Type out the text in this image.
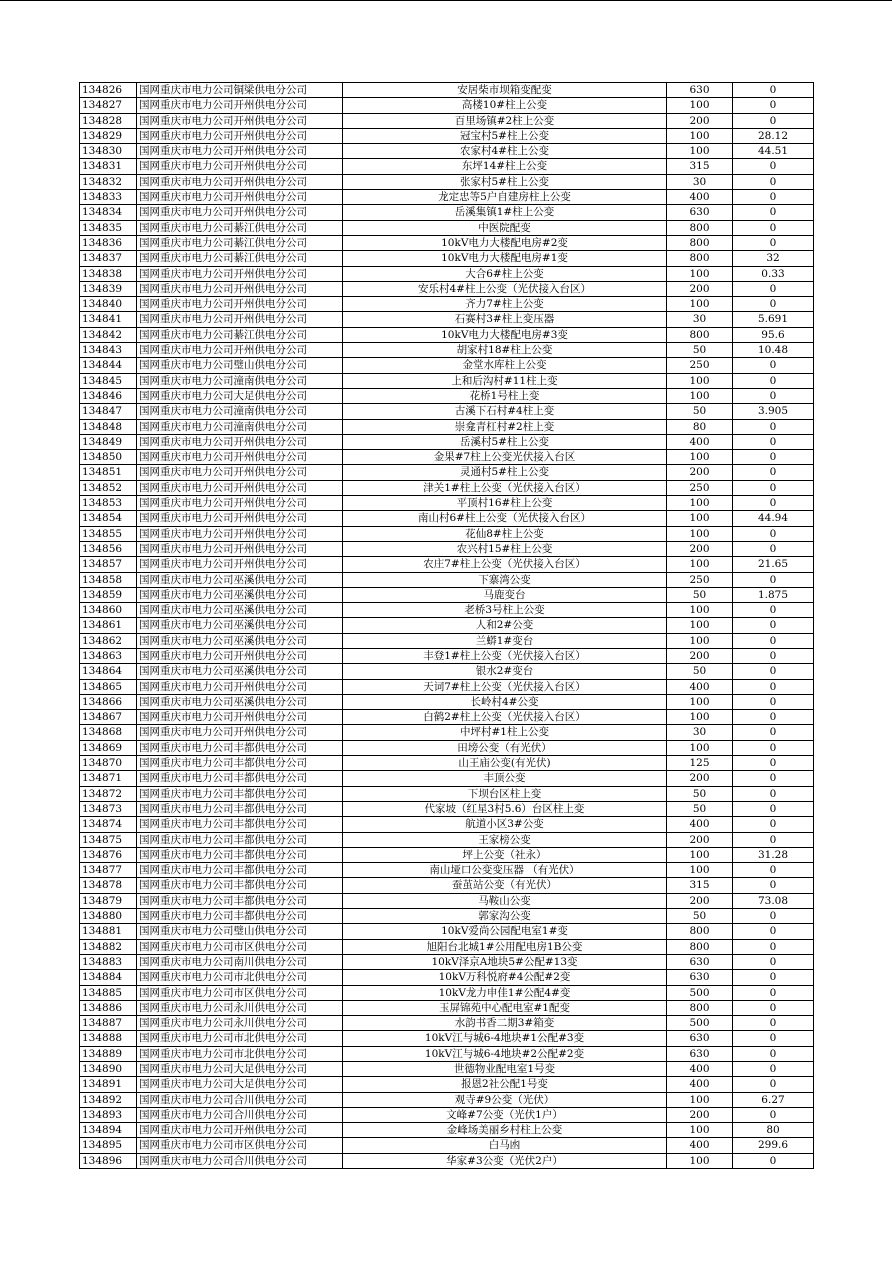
134826	国网重庆市电力公司铜梁供电分公司	安居柴市坝箱变配变	630	0
134827	国网重庆市电力公司开州供电分公司	高楼10#柱上公变	100	0
134828	国网重庆市电力公司开州供电分公司	百里场镇#2柱上公变	200	0
134829	国网重庆市电力公司开州供电分公司	冠宝村5#柱上公变	100	28.12
134830	国网重庆市电力公司开州供电分公司	农家村4#柱上公变	100	44.51
134831	国网重庆市电力公司开州供电分公司	东坪14#柱上公变	315	0
134832	国网重庆市电力公司开州供电分公司	张家村5#柱上公变	30	0
134833	国网重庆市电力公司开州供电分公司	龙定忠等5户自建房柱上公变	400	0
134834	国网重庆市电力公司开州供电分公司	岳溪集镇1#柱上公变	630	0
134835	国网重庆市电力公司綦江供电分公司	中医院配变	800	0
134836	国网重庆市电力公司綦江供电分公司	10kV电力大楼配电房#2变	800	0
134837	国网重庆市电力公司綦江供电分公司	10kV电力大楼配电房#1变	800	32
134838	国网重庆市电力公司开州供电分公司	大合6#柱上公变	100	0.33
134839	国网重庆市电力公司开州供电分公司	安乐村4#柱上公变（光伏接入台区）	200	0
134840	国网重庆市电力公司开州供电分公司	齐力7#柱上公变	100	0
134841	国网重庆市电力公司开州供电分公司	石赛村3#柱上变压器	30	5.691
134842	国网重庆市电力公司綦江供电分公司	10kV电力大楼配电房#3变	800	95.6
134843	国网重庆市电力公司开州供电分公司	胡家村18#柱上公变	50	10.48
134844	国网重庆市电力公司璧山供电分公司	金堂水库柱上公变	250	0
134845	国网重庆市电力公司潼南供电分公司	上和后沟村#11柱上变	100	0
134846	国网重庆市电力公司大足供电分公司	花桥1号柱上变	100	0
134847	国网重庆市电力公司潼南供电分公司	古溪下石村#4柱上变	50	3.905
134848	国网重庆市电力公司潼南供电分公司	崇龛青杠村#2柱上变	80	0
134849	国网重庆市电力公司开州供电分公司	岳溪村5#柱上公变	400	0
134850	国网重庆市电力公司开州供电分公司	金果#7柱上公变光伏接入台区	100	0
134851	国网重庆市电力公司开州供电分公司	灵通村5#柱上公变	200	0
134852	国网重庆市电力公司开州供电分公司	津关1#柱上公变（光伏接入台区）	250	0
134853	国网重庆市电力公司开州供电分公司	平顶村16#柱上公变	100	0
134854	国网重庆市电力公司开州供电分公司	南山村6#柱上公变（光伏接入台区）	100	44.94
134855	国网重庆市电力公司开州供电分公司	花仙8#柱上公变	100	0
134856	国网重庆市电力公司开州供电分公司	农兴村15#柱上公变	200	0
134857	国网重庆市电力公司开州供电分公司	农庄7#柱上公变（光伏接入台区）	100	21.65
134858	国网重庆市电力公司巫溪供电分公司	下寨湾公变	250	0
134859	国网重庆市电力公司巫溪供电分公司	马鹿变台	50	1.875
134860	国网重庆市电力公司巫溪供电分公司	老桥3号柱上公变	100	0
134861	国网重庆市电力公司巫溪供电分公司	人和2#公变	100	0
134862	国网重庆市电力公司巫溪供电分公司	兰蟒1#变台	100	0
134863	国网重庆市电力公司开州供电分公司	丰登1#柱上公变（光伏接入台区）	200	0
134864	国网重庆市电力公司巫溪供电分公司	银水2#变台	50	0
134865	国网重庆市电力公司开州供电分公司	天词7#柱上公变（光伏接入台区）	400	0
134866	国网重庆市电力公司巫溪供电分公司	长岭村4#公变	100	0
134867	国网重庆市电力公司开州供电分公司	白鹤2#柱上公变（光伏接入台区）	100	0
134868	国网重庆市电力公司开州供电分公司	中坪村#1柱上公变	30	0
134869	国网重庆市电力公司丰都供电分公司	田塝公变（有光伏）	100	0
134870	国网重庆市电力公司丰都供电分公司	山王庙公变(有光伏)	125	0
134871	国网重庆市电力公司丰都供电分公司	丰顶公变	200	0
134872	国网重庆市电力公司丰都供电分公司	下坝台区柱上变	50	0
134873	国网重庆市电力公司丰都供电分公司	代家坡（红星3村5.6）台区柱上变	50	0
134874	国网重庆市电力公司丰都供电分公司	航道小区3#公变	400	0
134875	国网重庆市电力公司丰都供电分公司	王家榜公变	200	0
134876	国网重庆市电力公司丰都供电分公司	坪上公变（社永）	100	31.28
134877	国网重庆市电力公司丰都供电分公司	南山垭口公变变压器 （有光伏）	100	0
134878	国网重庆市电力公司丰都供电分公司	蚕茧站公变（有光伏）	315	0
134879	国网重庆市电力公司丰都供电分公司	马鞍山公变	200	73.08
134880	国网重庆市电力公司丰都供电分公司	郭家沟公变	50	0
134881	国网重庆市电力公司璧山供电分公司	10kV爱尚公园配电室1#变	800	0
134882	国网重庆市电力公司市区供电分公司	旭阳台北城1#公用配电房1B公变	800	0
134883	国网重庆市电力公司南川供电分公司	10kV泽京A地块5#公配#13变	630	0
134884	国网重庆市电力公司市北供电分公司	10kV万科悦府#4公配#2变	630	0
134885	国网重庆市电力公司市区供电分公司	10kV龙力申佳1#公配4#变	500	0
134886	国网重庆市电力公司永川供电分公司	玉屏锦苑中心配电室#1配变	800	0
134887	国网重庆市电力公司永川供电分公司	水韵书香二期3#箱变	500	0
134888	国网重庆市电力公司市北供电分公司	10kV江与城6-4地块#1公配#3变	630	0
134889	国网重庆市电力公司市北供电分公司	10kV江与城6-4地块#2公配#2变	630	0
134890	国网重庆市电力公司大足供电分公司	世德物业配电室1号变	400	0
134891	国网重庆市电力公司大足供电分公司	报恩2社公配1号变	400	0
134892	国网重庆市电力公司合川供电分公司	观寺#9公变（光伏）	100	6.27
134893	国网重庆市电力公司合川供电分公司	文峰#7公变（光伏1户）	200	0
134894	国网重庆市电力公司开州供电分公司	金峰场美丽乡村柱上公变	100	80
134895	国网重庆市电力公司市区供电分公司	白马凼	400	299.6
134896	国网重庆市电力公司合川供电分公司	华家#3公变（光伏2户）	100	0
